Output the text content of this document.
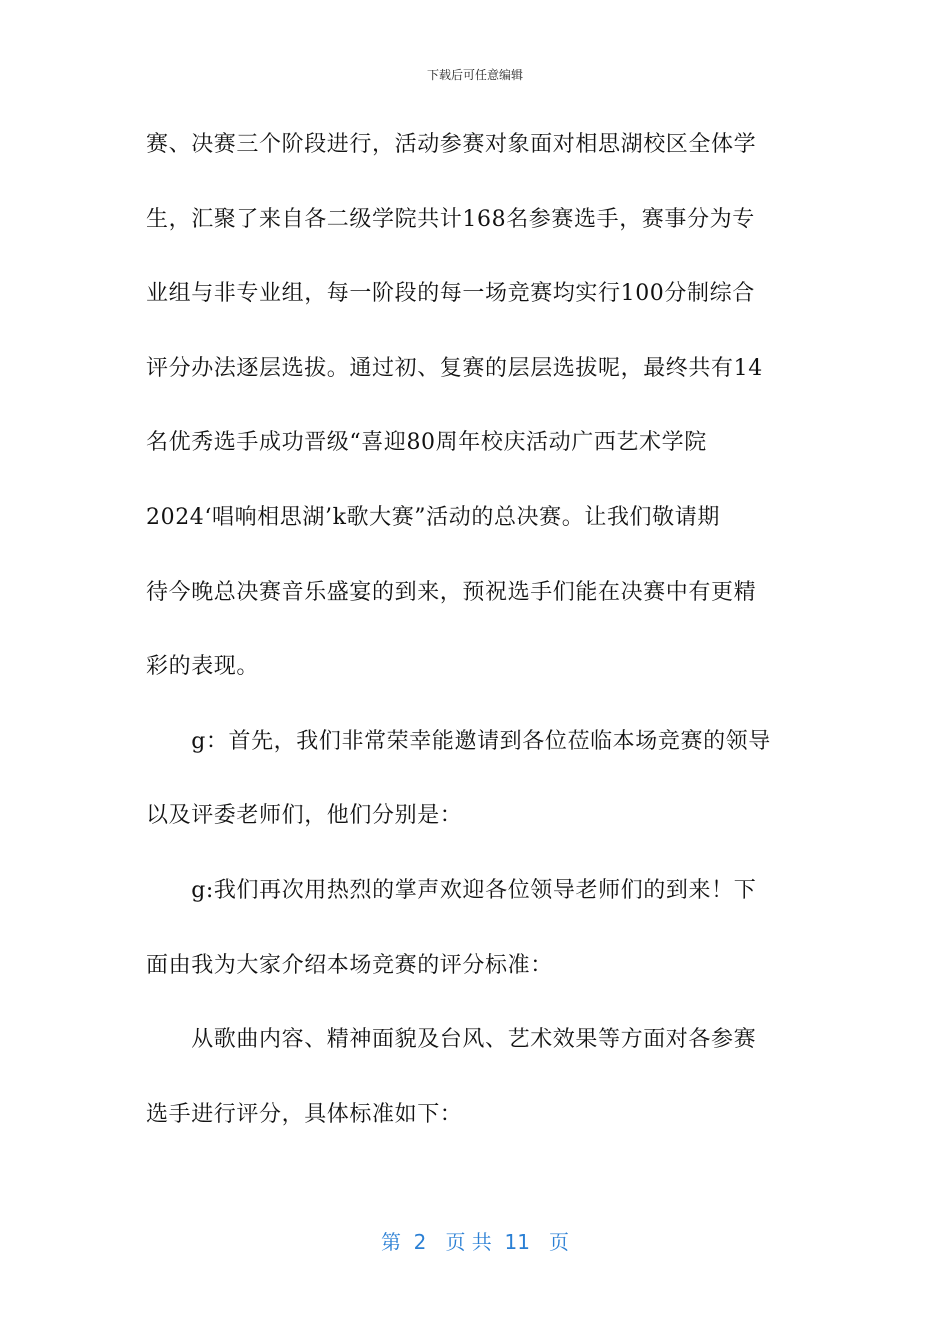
下载后可任意编辑
赛、决赛三个阶段进行，活动参赛对象面对相思湖校区全体学
生，汇聚了来自各二级学院共计168名参赛选手，赛事分为专
业组与非专业组，每一阶段的每一场竞赛均实行100分制综合
评分办法逐层选拔。通过初、复赛的层层选拔呢，最终共有14
名优秀选手成功晋级“喜迎80周年校庆活动广西艺术学院
2024‘唱响相思湖’k歌大赛”活动的总决赛。让我们敬请期
待今晚总决赛音乐盛宴的到来，预祝选手们能在决赛中有更精
彩的表现。
　　g：首先，我们非常荣幸能邀请到各位莅临本场竞赛的领导
以及评委老师们，他们分别是：
　　g:我们再次用热烈的掌声欢迎各位领导老师们的到来！下
面由我为大家介绍本场竞赛的评分标准：
　　从歌曲内容、精神面貌及台风、艺术效果等方面对各参赛
选手进行评分，具体标准如下：
第  2   页 共  11   页
